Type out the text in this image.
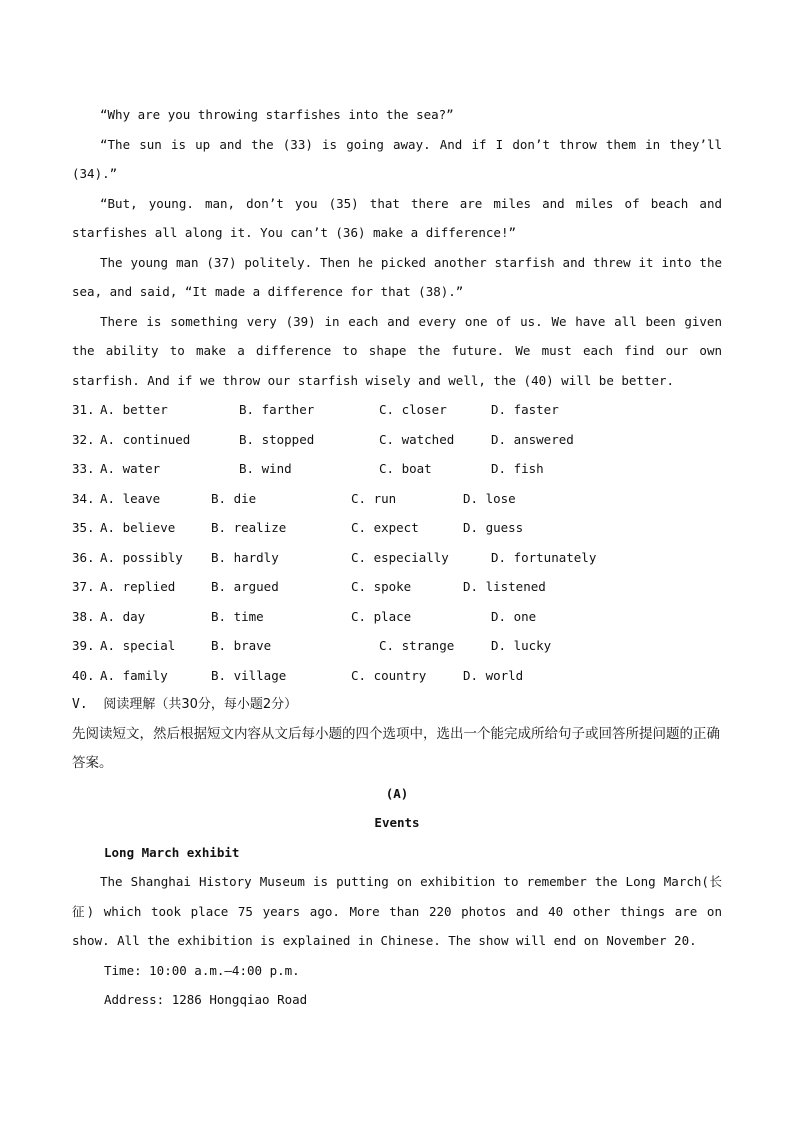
“Why are you throwing starfishes into the sea?”

“The sun is up and the (33) is going away. And if I don’t throw them in they’ll (34).”

“But, young. man, don’t you (35) that there are miles and miles of beach and starfishes all along it. You can’t (36) make a difference!”

The young man (37) politely. Then he picked another starfish and threw it into the sea, and said, “It made a difference for that (38).”

There is something very (39) in each and every one of us. We have all been given the ability to make a difference to shape the future. We must each find our own starfish. And if we throw our starfish wisely and well, the (40) will be better.

31. A. better	B. farther	C. closer	D. faster
32. A. continued	B. stopped	C. watched	D. answered
33. A. water	B. wind	C. boat	D. fish
34. A. leave	B. die	C. run	D. lose
35. A. believe	B. realize	C. expect	D. guess
36. A. possibly B. hardly	C. especially	D. fortunately
37. A. replied	B. argued	C. spoke	D. listened
38. A. day	B. time	C. place	D. one
39. A. special	B. brave	C. strange	D. lucky
40. A. family	B. village	C. country	D. world

V. 阅读理解（共30分，每小题2分）

先阅读短文，然后根据短文内容从文后每小题的四个选项中，选出一个能完成所给句子或回答所提问题的正确答案。

(A)

Events

Long March exhibit

The Shanghai History Museum is putting on exhibition to remember the Long March(长征) which took place 75 years ago. More than 220 photos and 40 other things are on show. All the exhibition is explained in Chinese. The show will end on November 20.

Time: 10:00 a.m.—4:00 p.m.

Address: 1286 Hongqiao Road
